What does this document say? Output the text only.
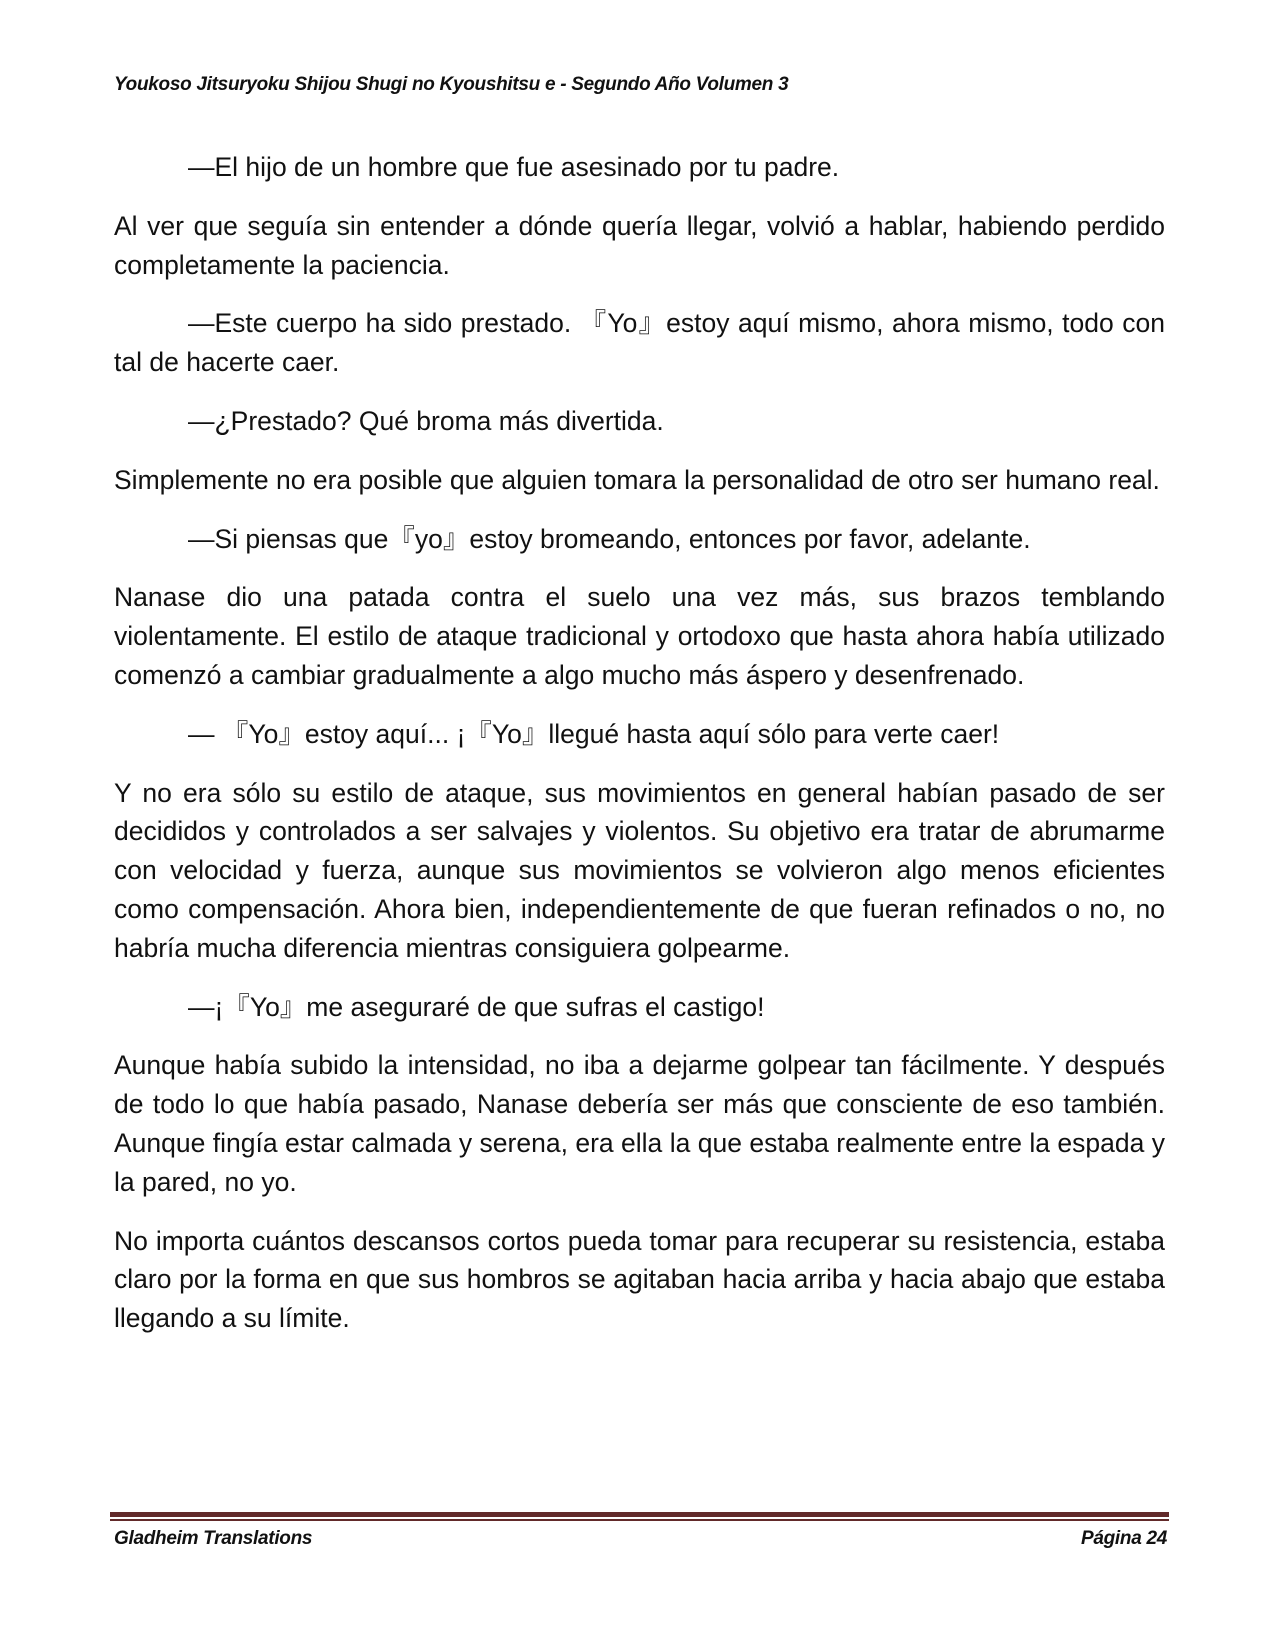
Youkoso Jitsuryoku Shijou Shugi no Kyoushitsu e - Segundo Año Volumen 3

—El hijo de un hombre que fue asesinado por tu padre.

Al ver que seguía sin entender a dónde quería llegar, volvió a hablar, habiendo perdido completamente la paciencia.

—Este cuerpo ha sido prestado. 『Yo』estoy aquí mismo, ahora mismo, todo con tal de hacerte caer.

—¿Prestado? Qué broma más divertida.

Simplemente no era posible que alguien tomara la personalidad de otro ser humano real.

—Si piensas que『yo』estoy bromeando, entonces por favor, adelante.

Nanase dio una patada contra el suelo una vez más, sus brazos temblando violentamente. El estilo de ataque tradicional y ortodoxo que hasta ahora había utilizado comenzó a cambiar gradualmente a algo mucho más áspero y desenfrenado.

— 『Yo』estoy aquí... ¡『Yo』llegué hasta aquí sólo para verte caer!

Y no era sólo su estilo de ataque, sus movimientos en general habían pasado de ser decididos y controlados a ser salvajes y violentos. Su objetivo era tratar de abrumarme con velocidad y fuerza, aunque sus movimientos se volvieron algo menos eficientes como compensación. Ahora bien, independientemente de que fueran refinados o no, no habría mucha diferencia mientras consiguiera golpearme.

—¡『Yo』me aseguraré de que sufras el castigo!

Aunque había subido la intensidad, no iba a dejarme golpear tan fácilmente. Y después de todo lo que había pasado, Nanase debería ser más que consciente de eso también. Aunque fingía estar calmada y serena, era ella la que estaba realmente entre la espada y la pared, no yo.

No importa cuántos descansos cortos pueda tomar para recuperar su resistencia, estaba claro por la forma en que sus hombros se agitaban hacia arriba y hacia abajo que estaba llegando a su límite.

Gladheim Translations	Página 24
